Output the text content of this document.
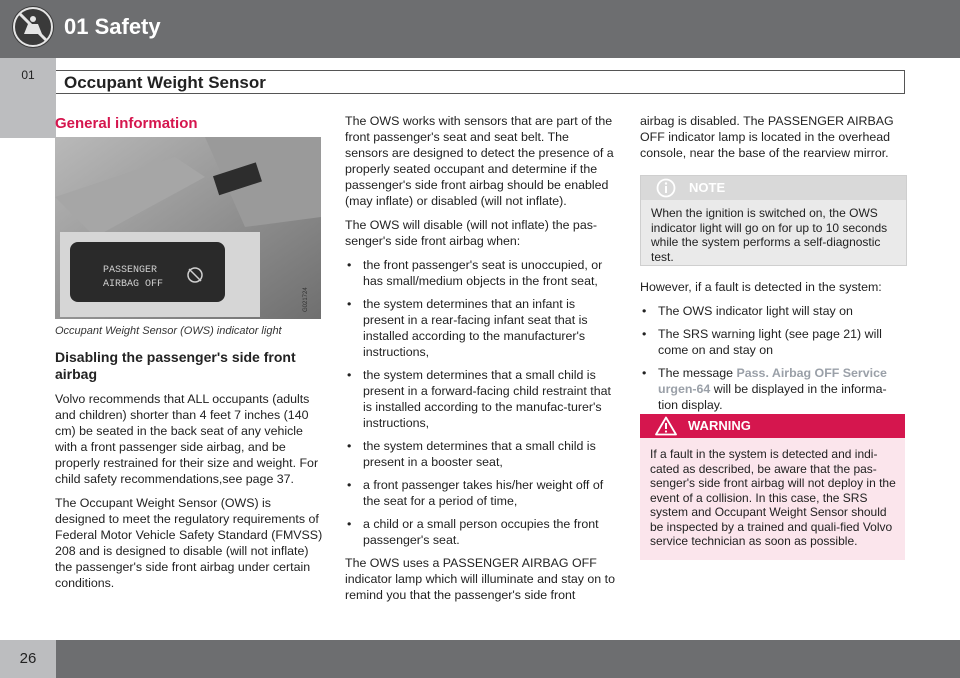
01 Safety
01	Occupant Weight Sensor
General information
PASSENGER
AIRBAG OFF
G021724

Occupant Weight Sensor (OWS) indicator light

Disabling the passenger's side front airbag

Volvo recommends that ALL occupants (adults and children) shorter than 4 feet 7 inches (140 cm) be seated in the back seat of any vehicle with a front passenger side airbag, and be properly restrained for their size and weight. For child safety recommendations,see page 37.

The Occupant Weight Sensor (OWS) is designed to meet the regulatory requirements of Federal Motor Vehicle Safety Standard (FMVSS) 208 and is designed to disable (will not inflate) the passenger's side front airbag under certain conditions.

The OWS works with sensors that are part of the front passenger's seat and seat belt. The sensors are designed to detect the presence of a properly seated occupant and determine if the passenger's side front airbag should be enabled (may inflate) or disabled (will not inflate).

The OWS will disable (will not inflate) the pas-senger's side front airbag when:

• the front passenger's seat is unoccupied, or has small/medium objects in the front seat,
• the system determines that an infant is present in a rear-facing infant seat that is installed according to the manufacturer's instructions,
• the system determines that a small child is present in a forward-facing child restraint that is installed according to the manufac-turer's instructions,
• the system determines that a small child is present in a booster seat,
• a front passenger takes his/her weight off of the seat for a period of time,
• a child or a small person occupies the front passenger's seat.

The OWS uses a PASSENGER AIRBAG OFF indicator lamp which will illuminate and stay on to remind you that the passenger's side front

airbag is disabled. The PASSENGER AIRBAG OFF indicator lamp is located in the overhead console, near the base of the rearview mirror.

NOTE
When the ignition is switched on, the OWS indicator light will go on for up to 10 seconds while the system performs a self-diagnostic test.

However, if a fault is detected in the system:

• The OWS indicator light will stay on
• The SRS warning light (see page 21) will come on and stay on
• The message Pass. Airbag OFF Service urgen-64 will be displayed in the informa-tion display.
WARNING
If a fault in the system is detected and indi-cated as described, be aware that the pas-senger's side front airbag will not deploy in the event of a collision. In this case, the SRS system and Occupant Weight Sensor should be inspected by a trained and quali-fied Volvo service technician as soon as possible.
26
